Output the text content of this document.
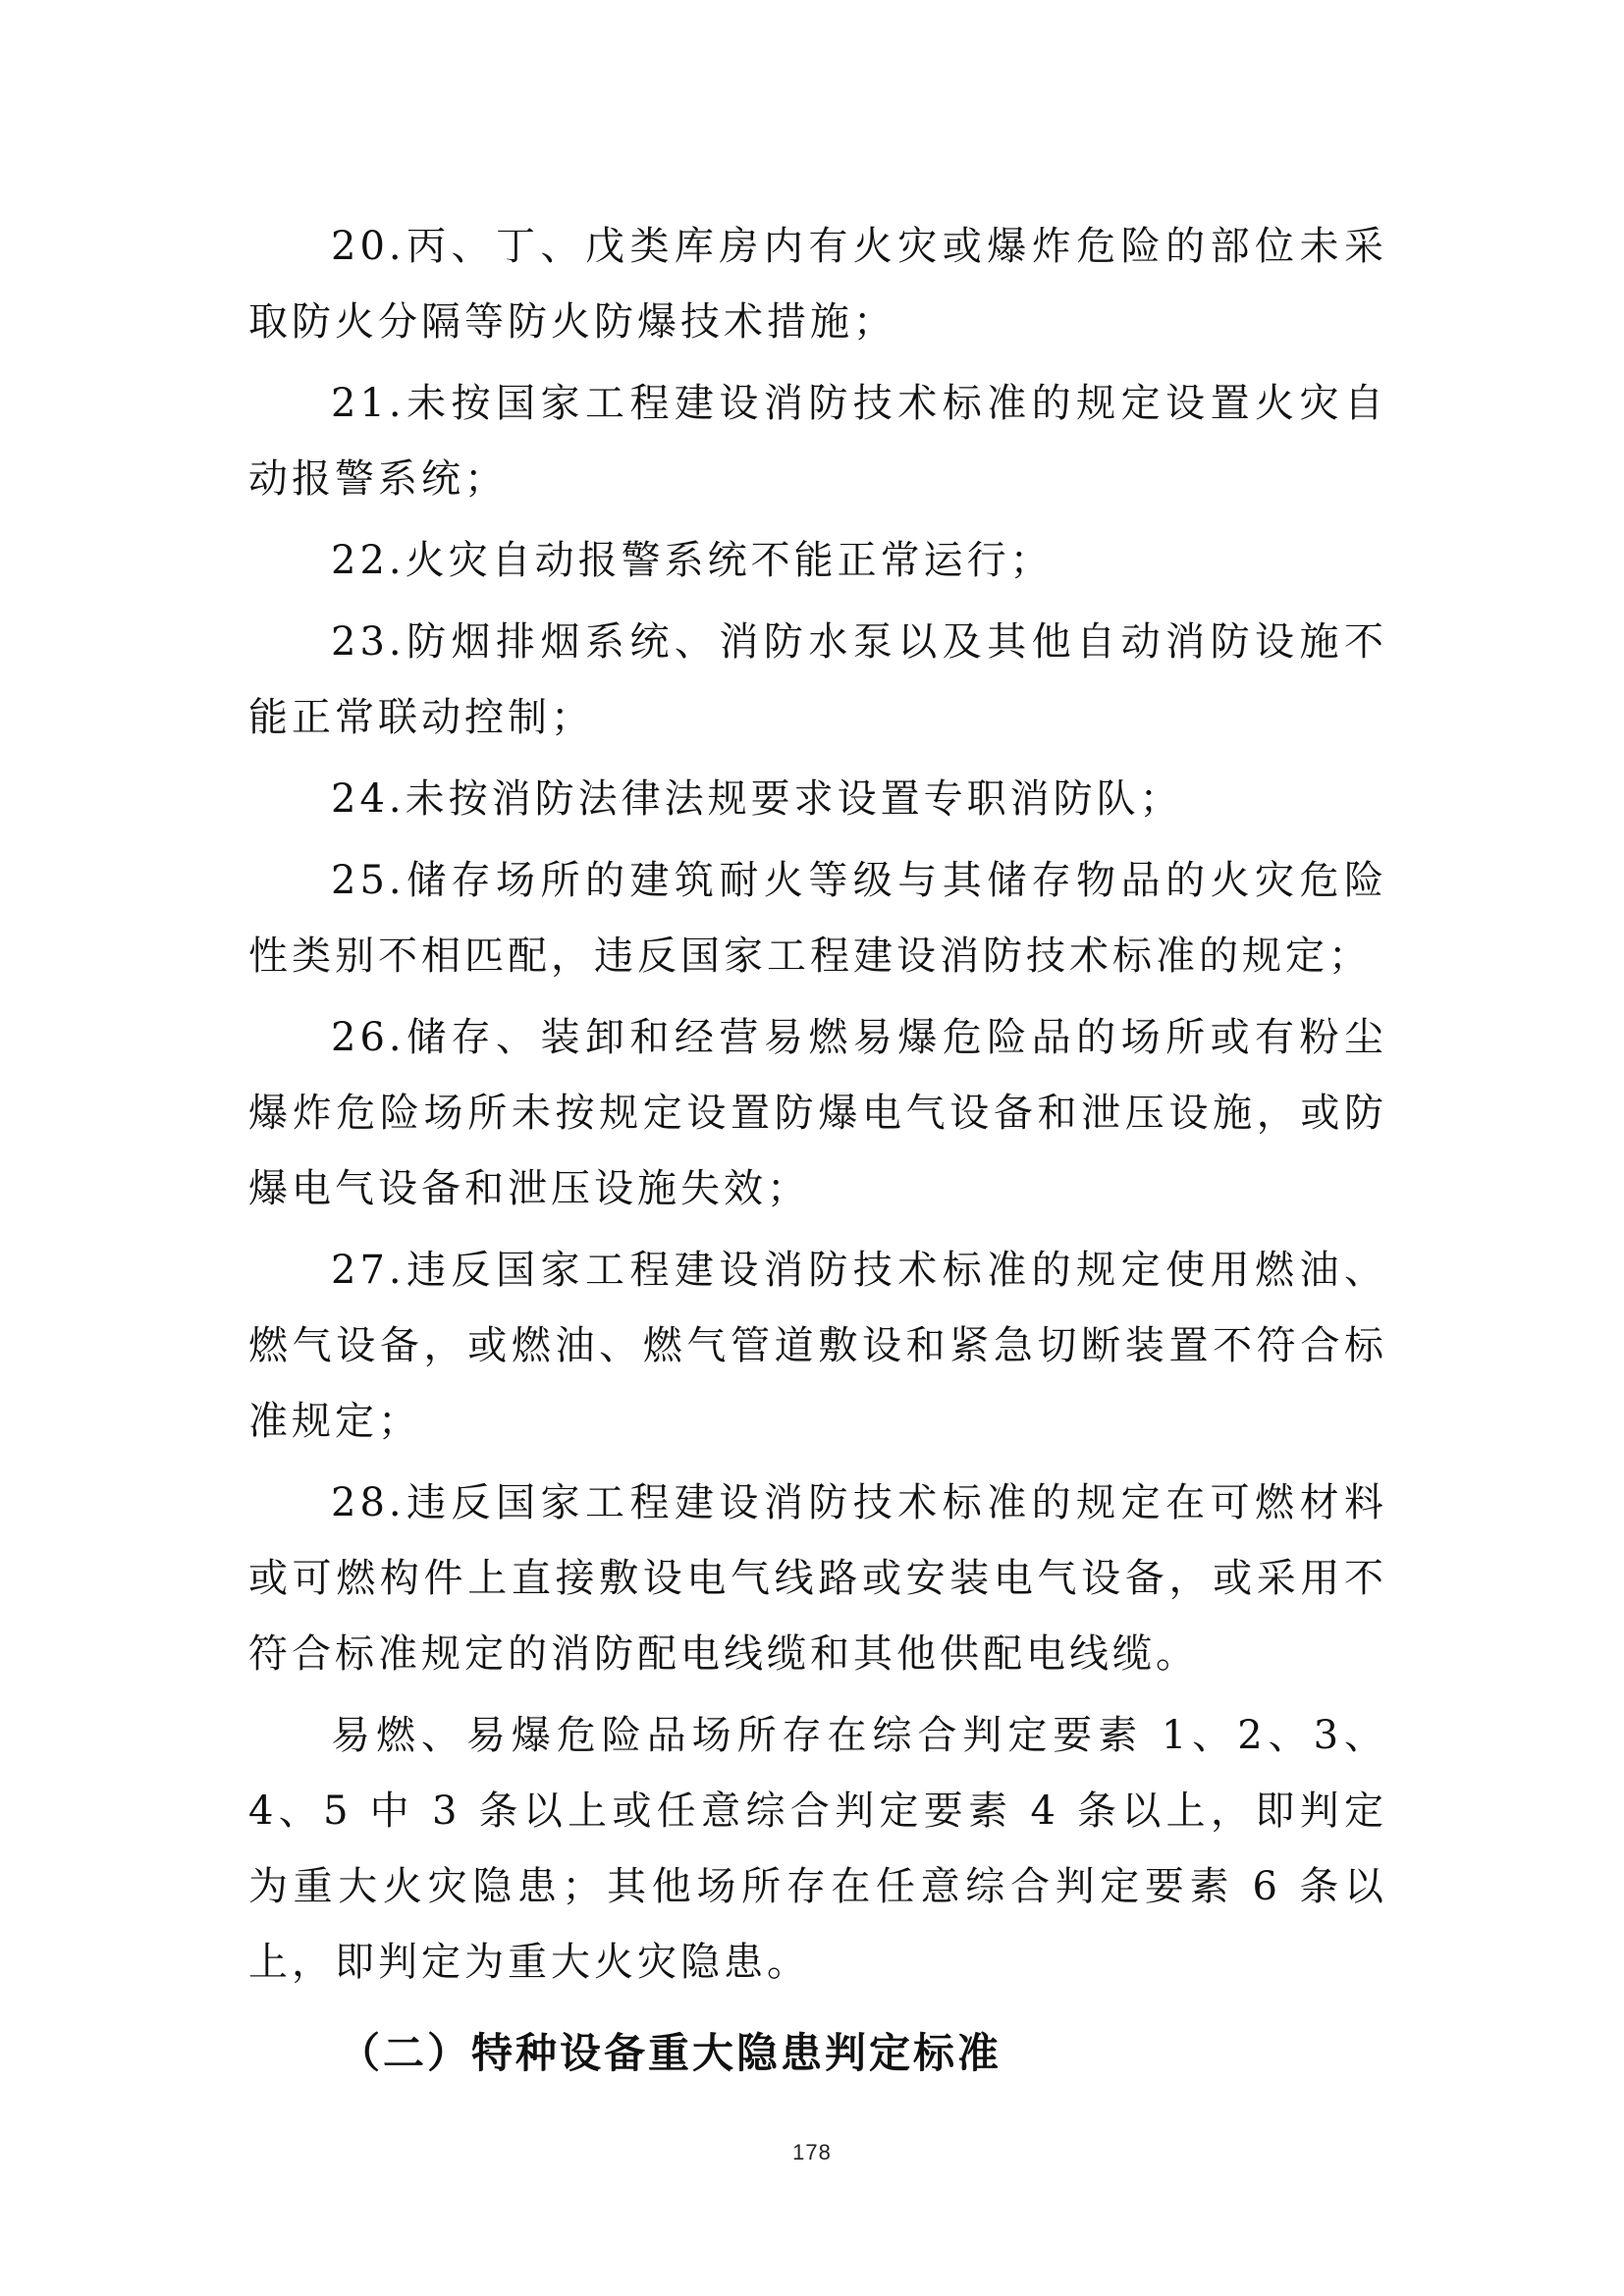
20.丙、丁、戊类库房内有火灾或爆炸危险的部位未采取防火分隔等防火防爆技术措施；

21.未按国家工程建设消防技术标准的规定设置火灾自动报警系统；

22.火灾自动报警系统不能正常运行；

23.防烟排烟系统、消防水泵以及其他自动消防设施不能正常联动控制；

24.未按消防法律法规要求设置专职消防队；

25.储存场所的建筑耐火等级与其储存物品的火灾危险性类别不相匹配，违反国家工程建设消防技术标准的规定；

26.储存、装卸和经营易燃易爆危险品的场所或有粉尘爆炸危险场所未按规定设置防爆电气设备和泄压设施，或防爆电气设备和泄压设施失效；

27.违反国家工程建设消防技术标准的规定使用燃油、燃气设备，或燃油、燃气管道敷设和紧急切断装置不符合标准规定；

28.违反国家工程建设消防技术标准的规定在可燃材料或可燃构件上直接敷设电气线路或安装电气设备，或采用不符合标准规定的消防配电线缆和其他供配电线缆。

易燃、易爆危险品场所存在综合判定要素 1、2、3、4、5 中 3 条以上或任意综合判定要素 4 条以上，即判定为重大火灾隐患；其他场所存在任意综合判定要素 6 条以上，即判定为重大火灾隐患。

（二）特种设备重大隐患判定标准
178
